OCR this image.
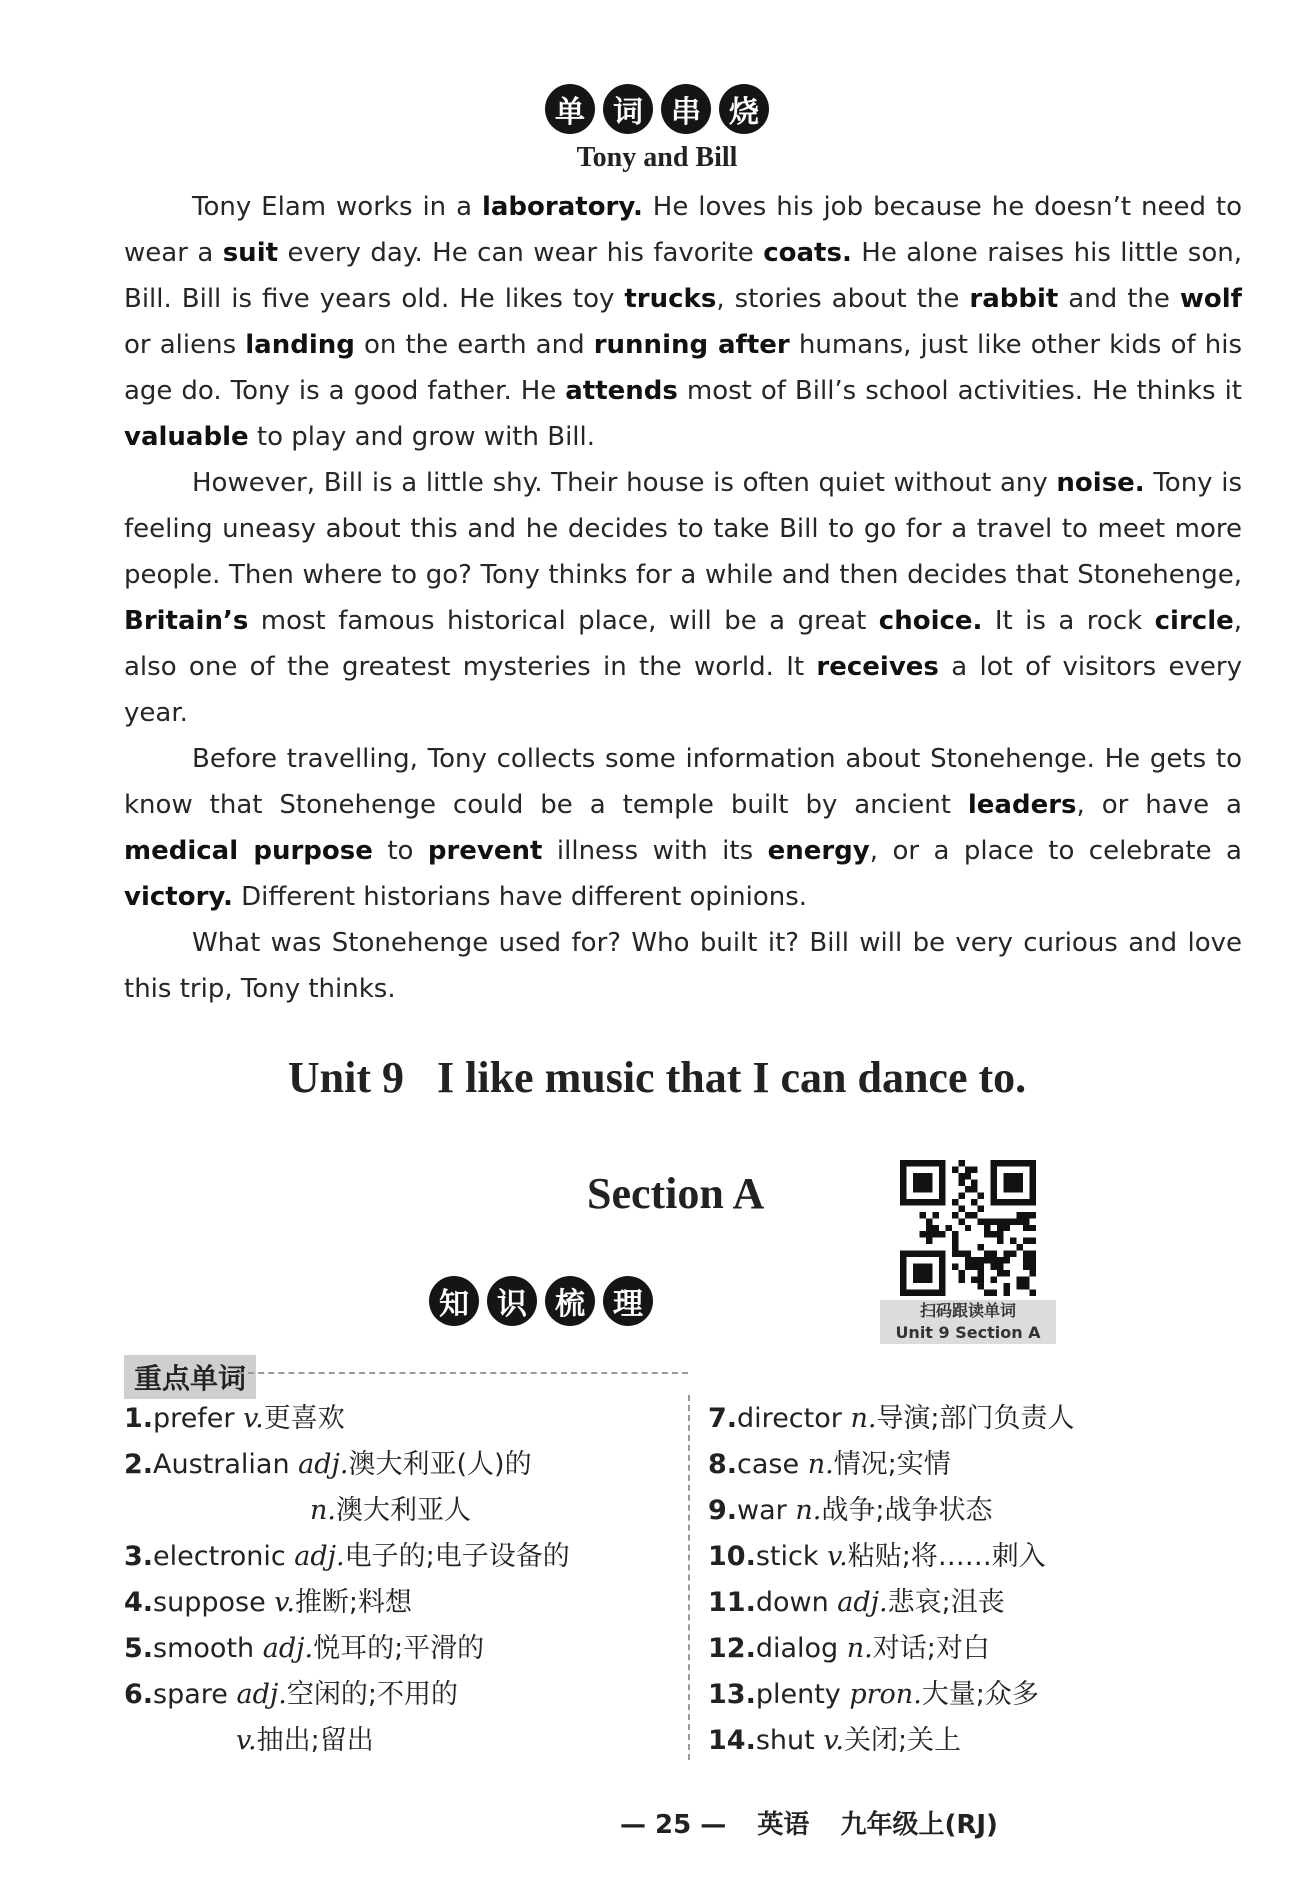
单 词 串 烧
Tony and Bill

Tony Elam works in a laboratory. He loves his job because he doesn’t need to wear a suit every day. He can wear his favorite coats. He alone raises his little son, Bill. Bill is five years old. He likes toy trucks, stories about the rabbit and the wolf or aliens landing on the earth and running after humans, just like other kids of his age do. Tony is a good father. He attends most of Bill’s school activities. He thinks it valuable to play and grow with Bill.

However, Bill is a little shy. Their house is often quiet without any noise. Tony is feeling uneasy about this and he decides to take Bill to go for a travel to meet more people. Then where to go? Tony thinks for a while and then decides that Stonehenge, Britain’s most famous historical place, will be a great choice. It is a rock circle, also one of the greatest mysteries in the world. It receives a lot of visitors every year.

Before travelling, Tony collects some information about Stonehenge. He gets to know that Stonehenge could be a temple built by ancient leaders, or have a medical purpose to prevent illness with its energy, or a place to celebrate a victory. Different historians have different opinions.

What was Stonehenge used for? Who built it? Bill will be very curious and love this trip, Tony thinks.

Unit 9   I like music that I can dance to.
Section A
扫码跟读单词
Unit 9 Section A
知 识 梳 理
重点单词
1.prefer v.更喜欢
2.Australian adj.澳大利亚(人)的
n.澳大利亚人
3.electronic adj.电子的;电子设备的
4.suppose v.推断;料想
5.smooth adj.悦耳的;平滑的
6.spare adj.空闲的;不用的
v.抽出;留出
7.director n.导演;部门负责人
8.case n.情况;实情
9.war n.战争;战争状态
10.stick v.粘贴;将……刺入
11.down adj.悲哀;沮丧
12.dialog n.对话;对白
13.plenty pron.大量;众多
14.shut v.关闭;关上
— 25 — 英语 九年级上(RJ)
